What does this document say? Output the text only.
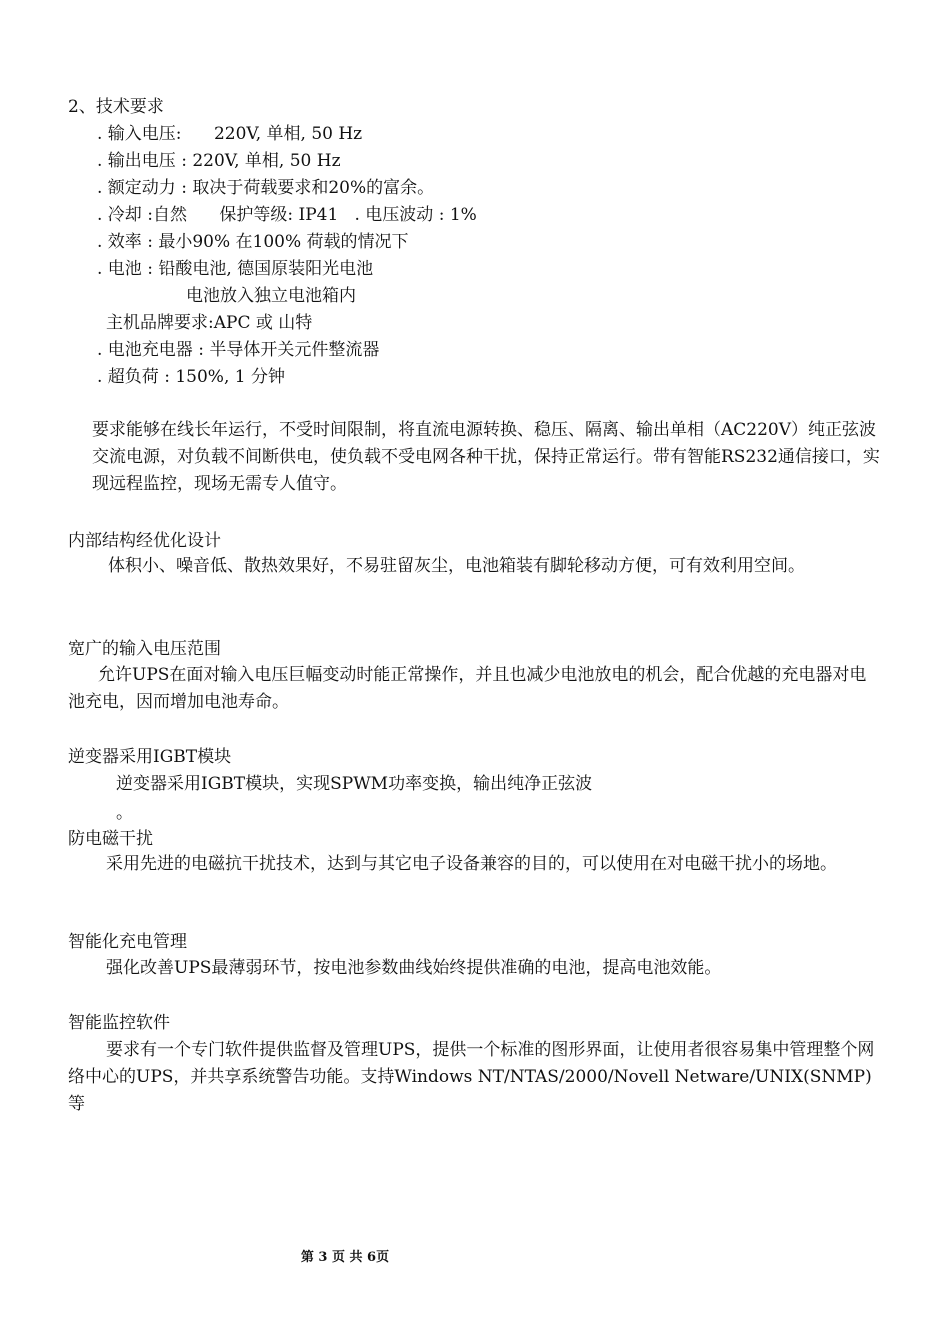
2、技术要求
. 输入电压:      220V, 单相, 50 Hz
. 输出电压 : 220V, 单相, 50 Hz
. 额定动力 : 取决于荷载要求和20%的富余。
. 冷却 :自然      保护等级: IP41   . 电压波动 : 1%
. 效率 : 最小90% 在100% 荷载的情况下
. 电池 : 铅酸电池, 德国原装阳光电池
电池放入独立电池箱内
主机品牌要求:APC 或 山特
. 电池充电器 : 半导体开关元件整流器
. 超负荷 : 150%, 1 分钟
要求能够在线长年运行，不受时间限制，将直流电源转换、稳压、隔离、输出单相（AC220V）纯正弦波交流电源，对负载不间断供电，使负载不受电网各种干扰，保持正常运行。带有智能RS232通信接口，实现远程监控，现场无需专人值守。
内部结构经优化设计
体积小、噪音低、散热效果好，不易驻留灰尘，电池箱装有脚轮移动方便，可有效利用空间。
宽广的输入电压范围
允许UPS在面对输入电压巨幅变动时能正常操作，并且也减少电池放电的机会，配合优越的充电器对电池充电，因而增加电池寿命。
逆变器采用IGBT模块
逆变器采用IGBT模块，实现SPWM功率变换，输出纯净正弦波
。
防电磁干扰
采用先进的电磁抗干扰技术，达到与其它电子设备兼容的目的，可以使用在对电磁干扰小的场地。
智能化充电管理
强化改善UPS最薄弱环节，按电池参数曲线始终提供准确的电池，提高电池效能。
智能监控软件
要求有一个专门软件提供监督及管理UPS，提供一个标准的图形界面，让使用者很容易集中管理整个网络中心的UPS，并共享系统警告功能。支持Windows NT/NTAS/2000/Novell Netware/UNIX(SNMP)等
第 3 页 共 6页
